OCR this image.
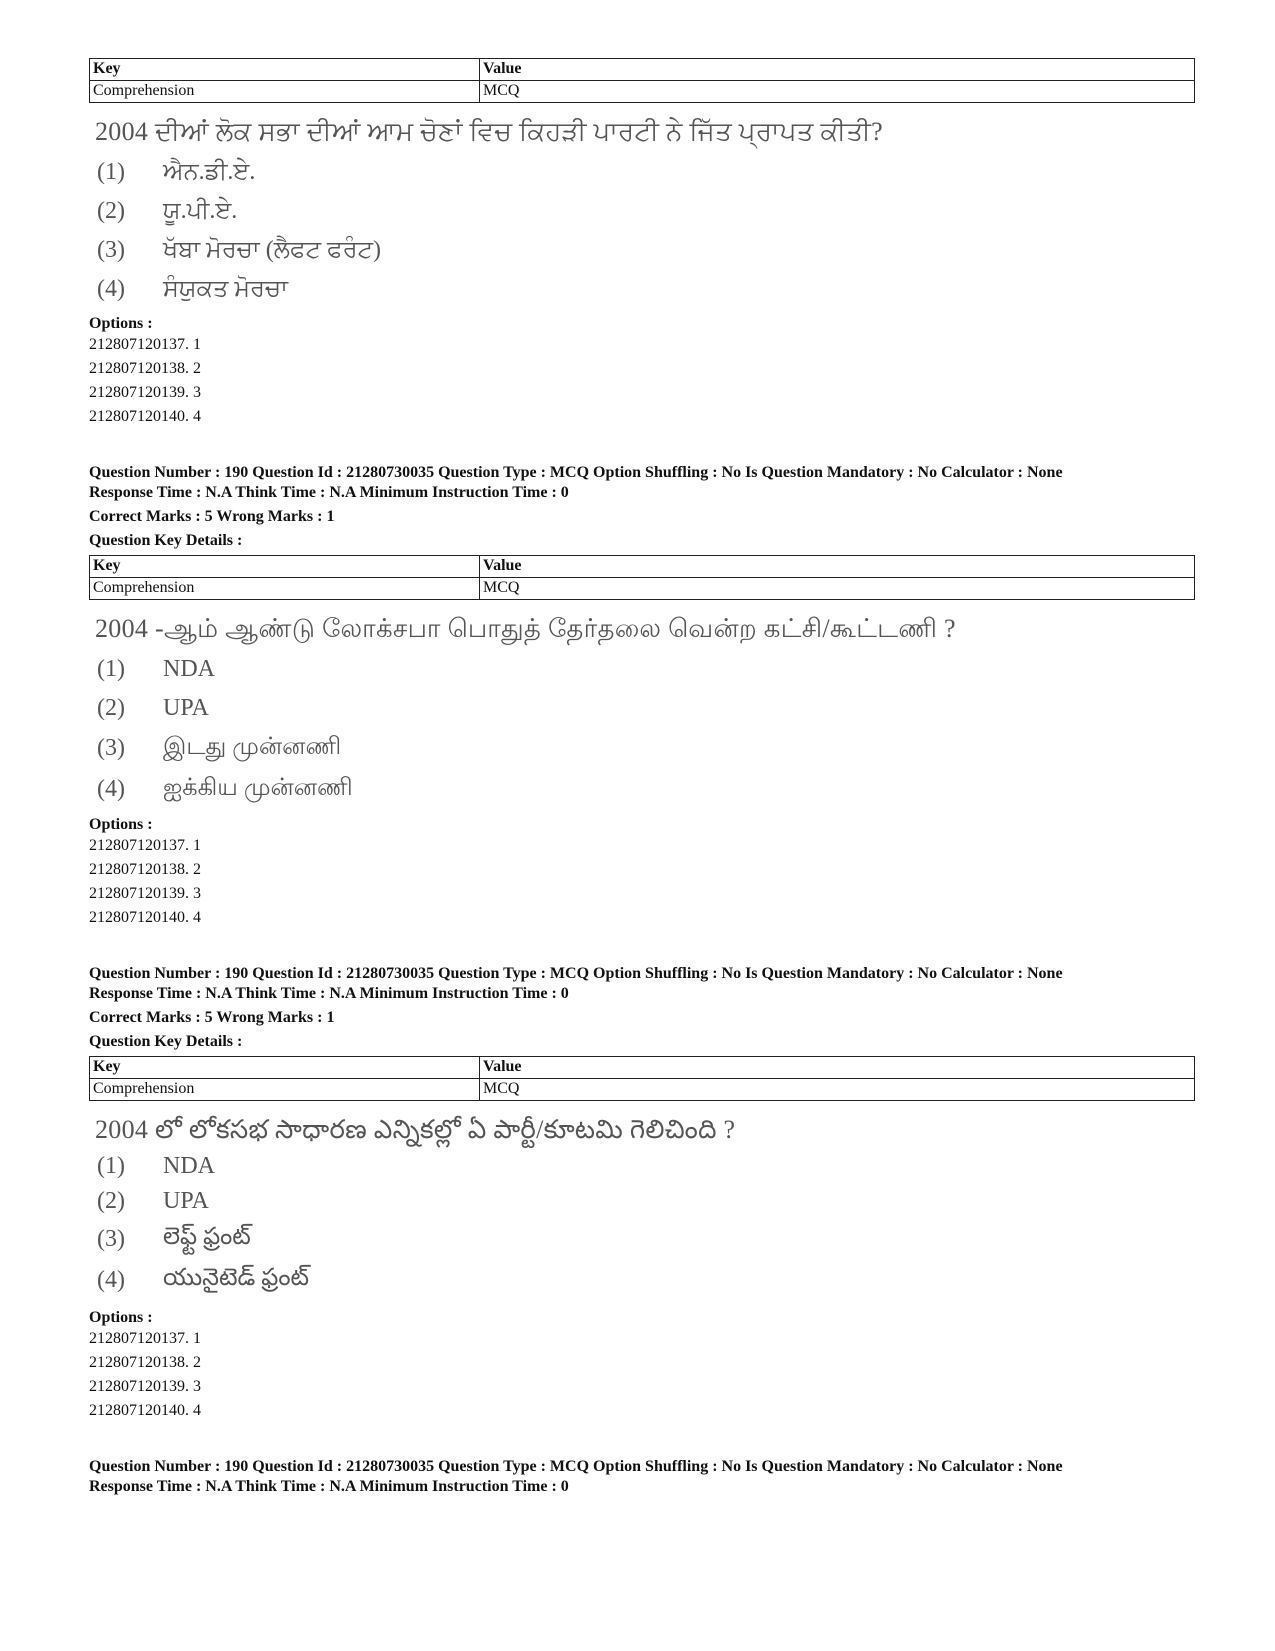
Key	Value
Comprehension	MCQ
2004 ਦੀਆਂ ਲੋਕ ਸਭਾ ਦੀਆਂ ਆਮ ਚੋਣਾਂ ਵਿਚ ਕਿਹੜੀ ਪਾਰਟੀ ਨੇ ਜਿੱਤ ਪ੍ਰਾਪਤ ਕੀਤੀ?
(1)	ਐਨ.ਡੀ.ਏ.
(2)	ਯੂ.ਪੀ.ਏ.
(3)	ਖੱਬਾ ਮੋਰਚਾ (ਲੈਫਟ ਫਰੰਟ)
(4)	ਸੰਯੁਕਤ ਮੋਰਚਾ
Options :
212807120137. 1
212807120138. 2
212807120139. 3
212807120140. 4
Question Number : 190 Question Id : 21280730035 Question Type : MCQ Option Shuffling : No Is Question Mandatory : No Calculator : None
Response Time : N.A Think Time : N.A Minimum Instruction Time : 0
Correct Marks : 5 Wrong Marks : 1
Question Key Details :
Key	Value
Comprehension	MCQ
2004 -ஆம் ஆண்டு லோக்சபா பொதுத் தேர்தலை வென்ற கட்சி/கூட்டணி ?
(1)	NDA
(2)	UPA
(3)	இடது முன்னணி
(4)	ஐக்கிய முன்னணி
Options :
212807120137. 1
212807120138. 2
212807120139. 3
212807120140. 4
Question Number : 190 Question Id : 21280730035 Question Type : MCQ Option Shuffling : No Is Question Mandatory : No Calculator : None
Response Time : N.A Think Time : N.A Minimum Instruction Time : 0
Correct Marks : 5 Wrong Marks : 1
Question Key Details :
Key	Value
Comprehension	MCQ
2004 లో లోకసభ సాధారణ ఎన్నికల్లో ఏ పార్టీ/కూటమి గెలిచింది ?
(1)	NDA
(2)	UPA
(3)	లెఫ్ట్ ఫ్రంట్
(4)	యునైటెడ్ ఫ్రంట్
Options :
212807120137. 1
212807120138. 2
212807120139. 3
212807120140. 4
Question Number : 190 Question Id : 21280730035 Question Type : MCQ Option Shuffling : No Is Question Mandatory : No Calculator : None
Response Time : N.A Think Time : N.A Minimum Instruction Time : 0
